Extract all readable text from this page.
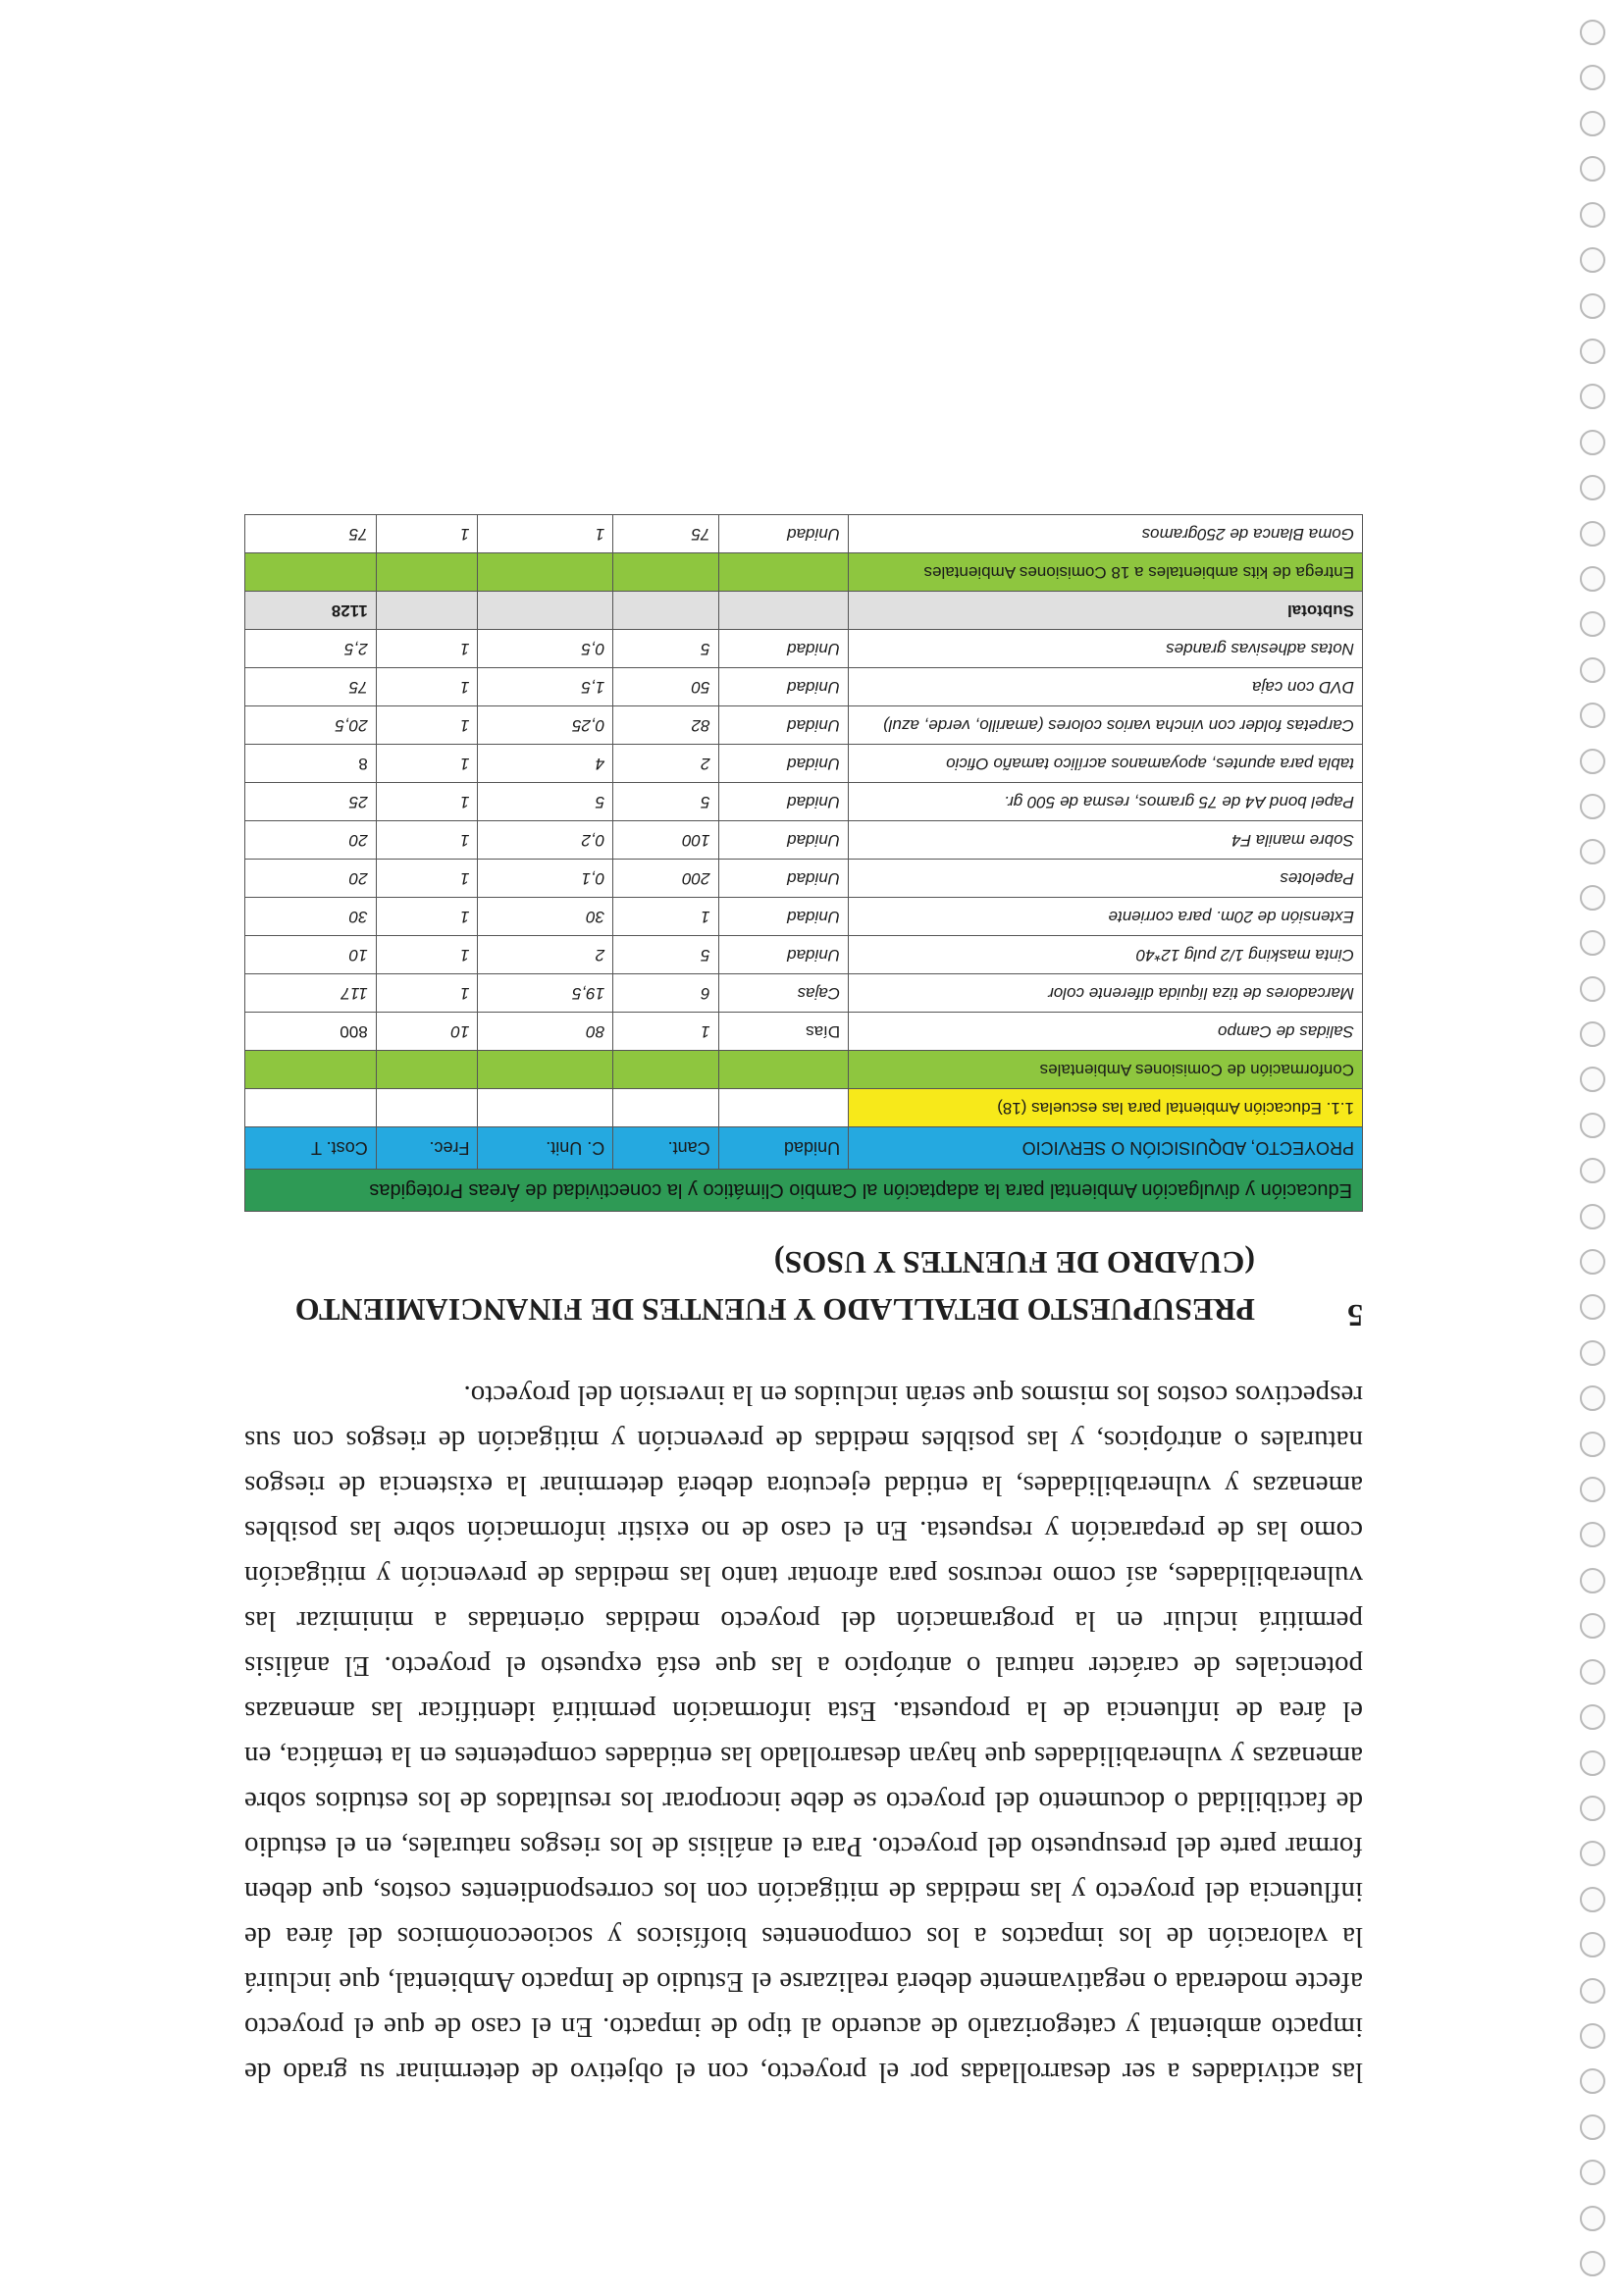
las actividades a ser desarrolladas por el proyecto, con el objetivo de determinar su grado de impacto ambiental y categorizarlo de acuerdo al tipo de impacto. En el caso de que el proyecto afecte moderada o negativamente deberá realizarse el Estudio de Impacto Ambiental, que incluirá la valoración de los impactos a los componentes biofísicos y socioeconómicos del área de influencia del proyecto y las medidas de mitigación con los correspondientes costos, que deben formar parte del presupuesto del proyecto. Para el análisis de los riesgos naturales, en el estudio de factibilidad o documento del proyecto se debe incorporar los resultados de los estudios sobre amenazas y vulnerabilidades que hayan desarrollado las entidades competentes en la temática, en el área de influencia de la propuesta. Esta información permitirá identificar las amenazas potenciales de carácter natural o antrópico a las que está expuesto el proyecto. El análisis permitirá incluir en la programación del proyecto medidas orientadas a minimizar las vulnerabilidades, así como recursos para afrontar tanto las medidas de prevención y mitigación como las de preparación y respuesta. En el caso de no existir información sobre las posibles amenazas y vulnerabilidades, la entidad ejecutora deberá determinar la existencia de riesgos naturales o antrópicos, y las posibles medidas de prevención y mitigación de riesgos con sus respectivos costos los mismos que serán incluidos en la inversión del proyecto.

5
PRESUPUESTO DETALLADO Y FUENTES DE FINANCIAMIENTO (CUADRO DE FUENTES Y USOS)
Educación y divulgación Ambiental para la adaptación al Cambio Climático y la conectividad de Áreas Protegidas					
PROYECTO, ADQUISICIÓN O SERVICIO	Unidad	Cant.	C. Unit.	Frec.	Cost. T
1.1. Educación Ambiental para las escuelas (18)					
Conformación de Comisiones Ambientales					
Salidas de Campo	Días	1	80	10	800
Marcadores de tiza líquida diferente color	Cajas	6	19,5	1	117
Cinta masking 1/2 pulg 12*40	Unidad	5	2	1	10
Extensión de 20m. para corriente	Unidad	1	30	1	30
Papelotes	Unidad	200	0,1	1	20
Sobre manila F4	Unidad	100	0,2	1	20
Papel bond A4 de 75 gramos, resma de 500 gr.	Unidad	5	5	1	25
tabla para apuntes, apoyamanos acrílico tamaño Oficio	Unidad	2	4	1	8
Carpetas folder con vincha varios colores (amarillo, verde, azul)	Unidad	82	0,25	1	20,5
DVD con caja	Unidad	50	1,5	1	75
Notas adhesivas grandes	Unidad	5	0,5	1	2,5
Subtotal					1128
Entrega de kits ambientales a 18 Comisiones Ambientales					
Goma Blanca de 250gramos	Unidad	75	1	1	75
